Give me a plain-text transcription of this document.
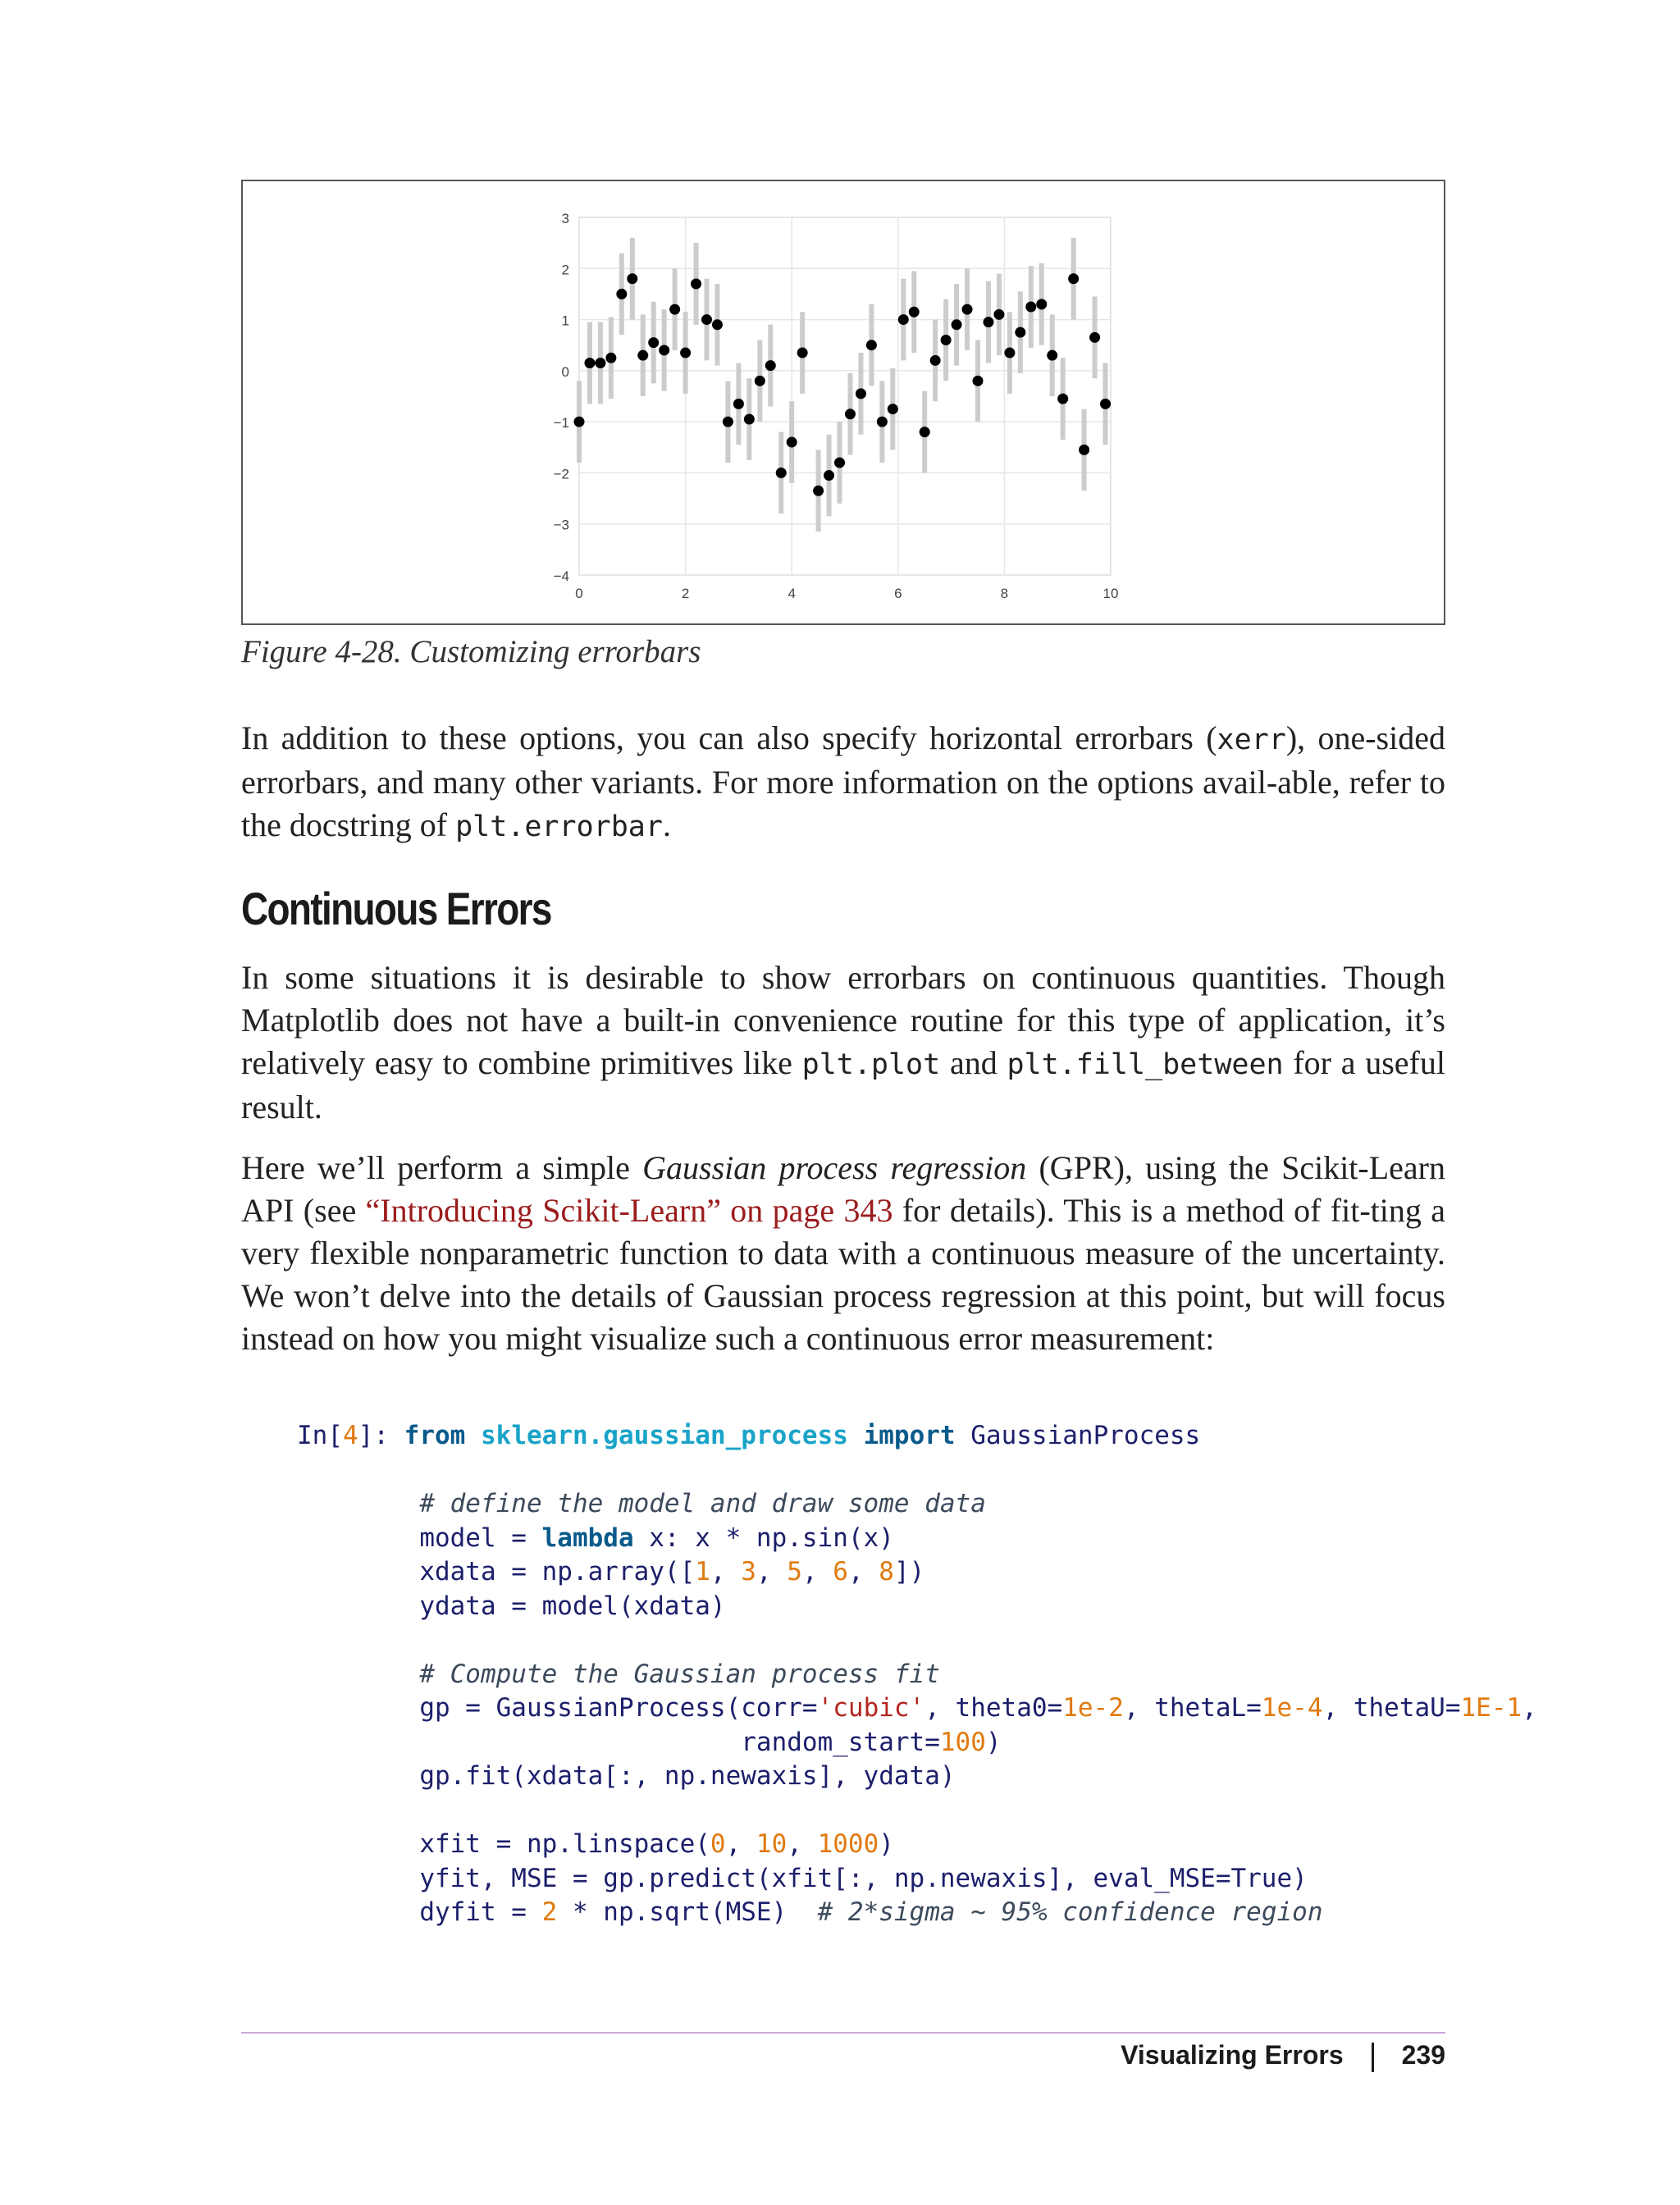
3
2
1
0
−1
−2
−3
−4
0	2	4	6	8	10
Figure 4-28. Customizing errorbars

In addition to these options, you can also specify horizontal errorbars (xerr), one-sided errorbars, and many other variants. For more information on the options avail-able, refer to the docstring of plt.errorbar.

Continuous Errors

In some situations it is desirable to show errorbars on continuous quantities. Though Matplotlib does not have a built-in convenience routine for this type of application, it’s relatively easy to combine primitives like plt.plot and plt.fill_between for a useful result.

Here we’ll perform a simple Gaussian process regression (GPR), using the Scikit-Learn API (see “Introducing Scikit-Learn” on page 343 for details). This is a method of fit-ting a very flexible nonparametric function to data with a continuous measure of the uncertainty. We won’t delve into the details of Gaussian process regression at this point, but will focus instead on how you might visualize such a continuous error measurement:

In[4]: from sklearn.gaussian_process import GaussianProcess

# define the model and draw some data
model = lambda x: x * np.sin(x)
xdata = np.array([1, 3, 5, 6, 8])
ydata = model(xdata)

# Compute the Gaussian process fit
gp = GaussianProcess(corr='cubic', theta0=1e-2, thetaL=1e-4, thetaU=1E-1,
random_start=100)
gp.fit(xdata[:, np.newaxis], ydata)

xfit = np.linspace(0, 10, 1000)
yfit, MSE = gp.predict(xfit[:, np.newaxis], eval_MSE=True)
dyfit = 2 * np.sqrt(MSE)  # 2*sigma ~ 95% confidence region
Visualizing Errors 239
